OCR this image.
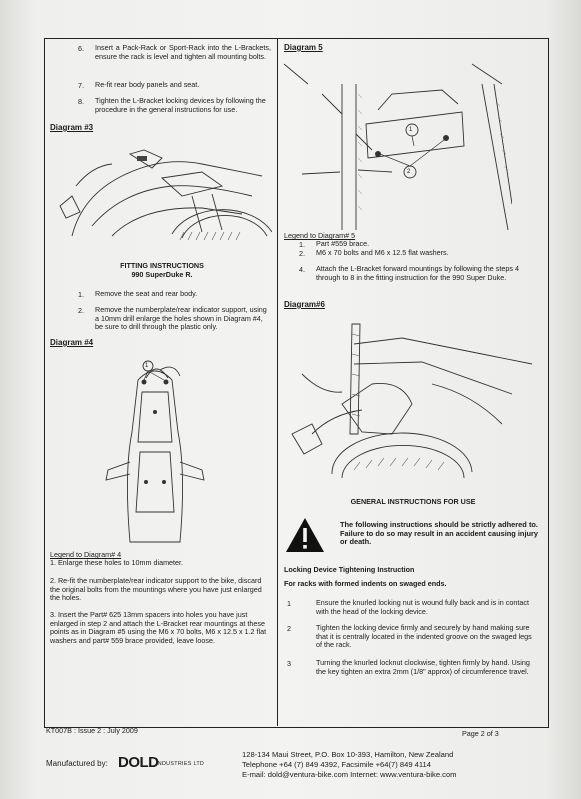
6. Insert a Pack-Rack or Sport-Rack into the L-Brackets, ensure the rack is level and tighten all mounting bolts.
7. Re-fit rear body panels and seat.
8. Tighten the L-Bracket locking devices by following the procedure in the general instructions for use.
Diagram #3
FITTING INSTRUCTIONS
990 SuperDuke R.
1. Remove the seat and rear body.
2. Remove the numberplate/rear indicator support, using a 10mm drill enlarge the holes shown in Diagram #4, be sure to drill through the plastic only.
Diagram #4
1
Legend to Diagram# 4
1. Enlarge these holes to 10mm diameter.
2. Re-fit the numberplate/rear indicator support to the bike, discard the original bolts from the mountings where you have just enlarged the holes.
3. Insert the Part# 625 13mm spacers into holes you have just enlarged in step 2 and attach the L-Bracket rear mountings at these points as in Diagram #5 using the M6 x 70 bolts, M6 x 12.5 x 1.2 flat washers and part# 559 brace provided, leave loose.
Diagram 5
1
2
Legend to Diagram# 5
1. Part #559 brace.
2. M6 x 70 bolts and M6 x 12.5 flat washers.
4. Attach the L-Bracket forward mountings by following the steps 4 through to 8 in the fitting instruction for the 990 Super Duke.
Diagram#6
GENERAL INSTRUCTIONS FOR USE
The following instructions should be strictly adhered to. Failure to do so may result in an accident causing injury or death.
Locking Device Tightening Instruction
For racks with formed indents on swaged ends.
1	Ensure the knurled locking nut is wound fully back and is in contact with the head of the locking device.
2	Tighten the locking device firmly and securely by hand making sure that it is centrally located in the indented groove on the swaged legs of the rack.
3	Turning the knurled locknut clockwise, tighten firmly by hand. Using the key tighten an extra 2mm (1/8" approx) of circumference travel.
KT007B : Issue 2 : July 2009	Page 2 of 3
Manufactured by: DOLD
INDUSTRIES LTD
128-134 Maui Street, P.O. Box 10-393, Hamilton, New Zealand
Telephone +64 (7) 849 4392, Facsimile +64(7) 849 4114
E-mail: dold@ventura-bike.com Internet: www.ventura-bike.com
